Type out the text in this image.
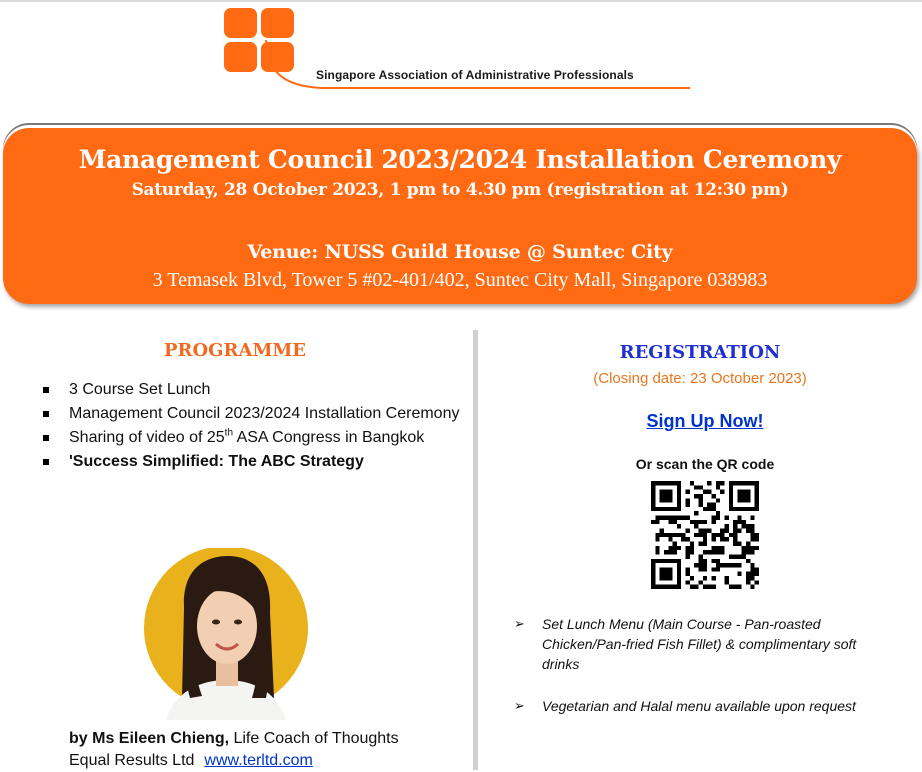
Singapore Association of Administrative Professionals
Management Council 2023/2024 Installation Ceremony
Saturday, 28 October 2023, 1 pm to 4.30 pm (registration at 12:30 pm)
Venue: NUSS Guild House @ Suntec City
3 Temasek Blvd, Tower 5 #02-401/402, Suntec City Mall, Singapore 038983
PROGRAMME
3 Course Set Lunch
Management Council 2023/2024 Installation Ceremony
Sharing of video of 25th ASA Congress in Bangkok
'Success Simplified: The ABC Strategy
by Ms Eileen Chieng, Life Coach of Thoughts
Equal Results Ltd www.terltd.com
REGISTRATION
(Closing date: 23 October 2023)
Sign Up Now!
Or scan the QR code
➢ Set Lunch Menu (Main Course - Pan-roasted Chicken/Pan-fried Fish Fillet) & complimentary soft drinks
➢ Vegetarian and Halal menu available upon request
